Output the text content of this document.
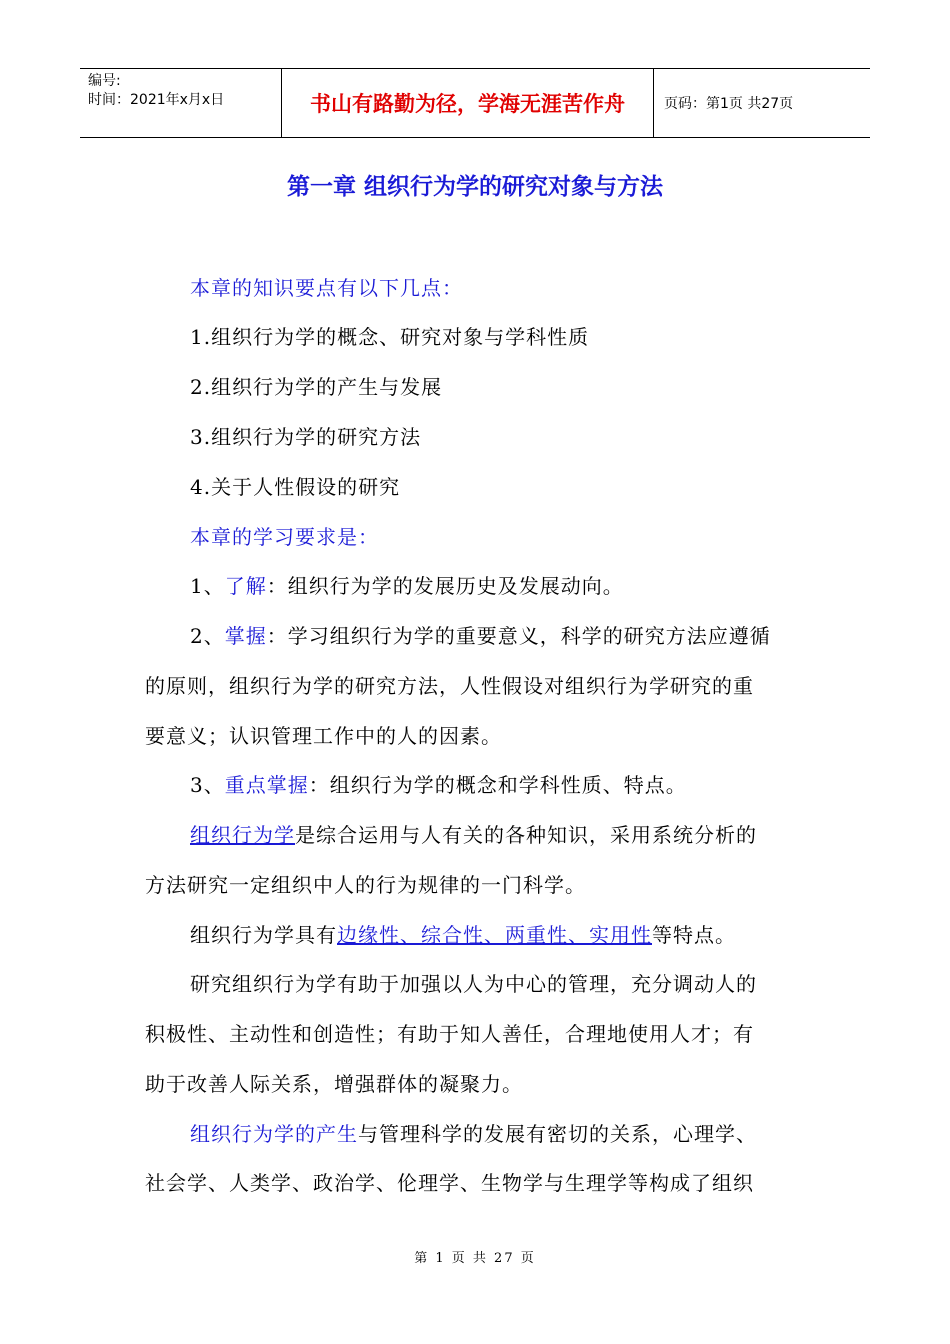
编号:
时间：2021年x月x日	书山有路勤为径，学海无涯苦作舟	页码：第1页 共27页
第一章 组织行为学的研究对象与方法
本章的知识要点有以下几点：
1.组织行为学的概念、研究对象与学科性质
2.组织行为学的产生与发展
3.组织行为学的研究方法
4.关于人性假设的研究
本章的学习要求是：
1、了解：组织行为学的发展历史及发展动向。
2、掌握：学习组织行为学的重要意义，科学的研究方法应遵循
的原则，组织行为学的研究方法，人性假设对组织行为学研究的重
要意义；认识管理工作中的人的因素。
3、重点掌握：组织行为学的概念和学科性质、特点。
组织行为学是综合运用与人有关的各种知识，采用系统分析的
方法研究一定组织中人的行为规律的一门科学。
组织行为学具有边缘性、综合性、两重性、实用性等特点。
研究组织行为学有助于加强以人为中心的管理，充分调动人的
积极性、主动性和创造性；有助于知人善任，合理地使用人才；有
助于改善人际关系，增强群体的凝聚力。
组织行为学的产生与管理科学的发展有密切的关系，心理学、
社会学、人类学、政治学、伦理学、生物学与生理学等构成了组织
第 1 页 共 27 页
